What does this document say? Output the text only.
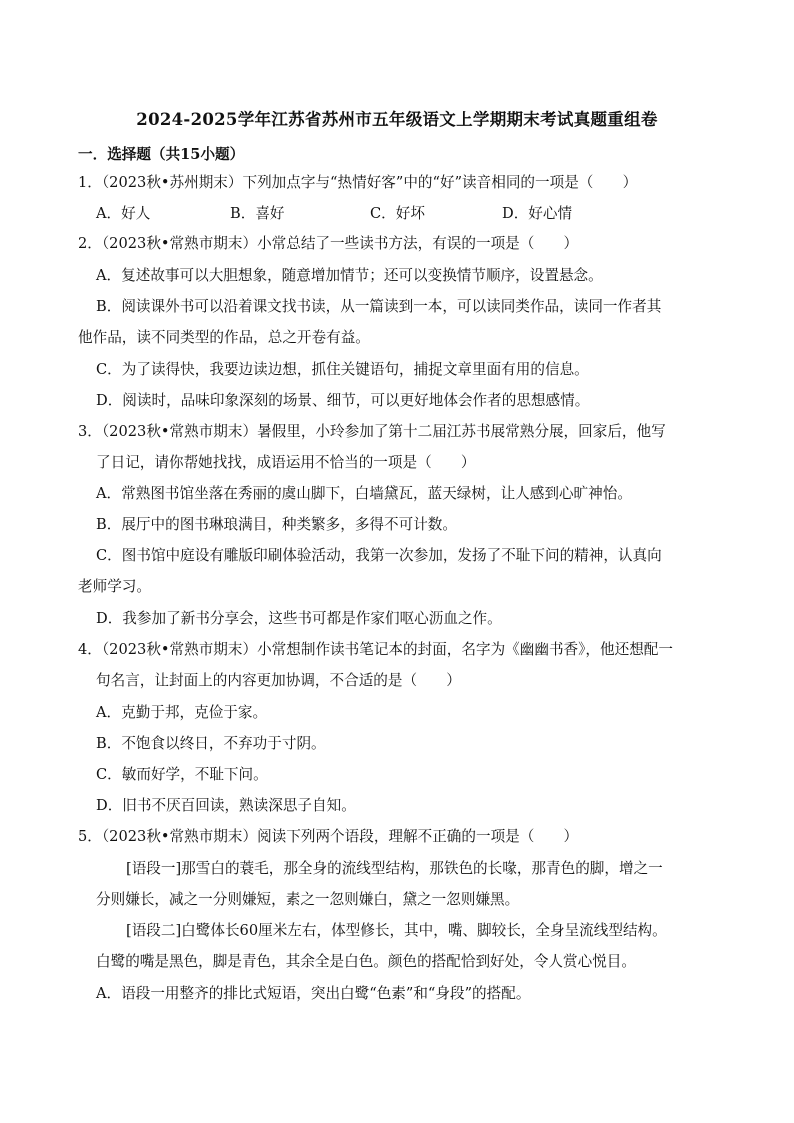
2024-2025学年江苏省苏州市五年级语文上学期期末考试真题重组卷
一．选择题（共15小题）
1．（2023秋•苏州期末）下列加点字与“热情好客”中的“好”读音相同的一项是（　　）
A．好人	B．喜好	C．好坏	D．好心情
2．（2023秋•常熟市期末）小常总结了一些读书方法，有误的一项是（　　）
A．复述故事可以大胆想象，随意增加情节；还可以变换情节顺序，设置悬念。
B．阅读课外书可以沿着课文找书读，从一篇读到一本，可以读同类作品，读同一作者其
他作品，读不同类型的作品，总之开卷有益。
C．为了读得快，我要边读边想，抓住关键语句，捕捉文章里面有用的信息。
D．阅读时，品味印象深刻的场景、细节，可以更好地体会作者的思想感情。
3．（2023秋•常熟市期末）暑假里，小玲参加了第十二届江苏书展常熟分展，回家后，他写
了日记，请你帮她找找，成语运用不恰当的一项是（　　）
A．常熟图书馆坐落在秀丽的虞山脚下，白墙黛瓦，蓝天绿树，让人感到心旷神怡。
B．展厅中的图书琳琅满目，种类繁多，多得不可计数。
C．图书馆中庭设有雕版印刷体验活动，我第一次参加，发扬了不耻下问的精神，认真向
老师学习。
D．我参加了新书分享会，这些书可都是作家们呕心沥血之作。
4．（2023秋•常熟市期末）小常想制作读书笔记本的封面，名字为《幽幽书香》，他还想配一
句名言，让封面上的内容更加协调，不合适的是（　　）
A．克勤于邦，克俭于家。
B．不饱食以终日，不弃功于寸阴。
C．敏而好学，不耻下问。
D．旧书不厌百回读，熟读深思子自知。
5．（2023秋•常熟市期末）阅读下列两个语段，理解不正确的一项是（　　）
[语段一]那雪白的蓑毛，那全身的流线型结构，那铁色的长喙，那青色的脚，增之一
分则嫌长，减之一分则嫌短，素之一忽则嫌白，黛之一忽则嫌黑。
[语段二]白鹭体长60厘米左右，体型修长，其中，嘴、脚较长，全身呈流线型结构。
白鹭的嘴是黑色，脚是青色，其余全是白色。颜色的搭配恰到好处，令人赏心悦目。
A．语段一用整齐的排比式短语，突出白鹭“色素”和“身段”的搭配。
